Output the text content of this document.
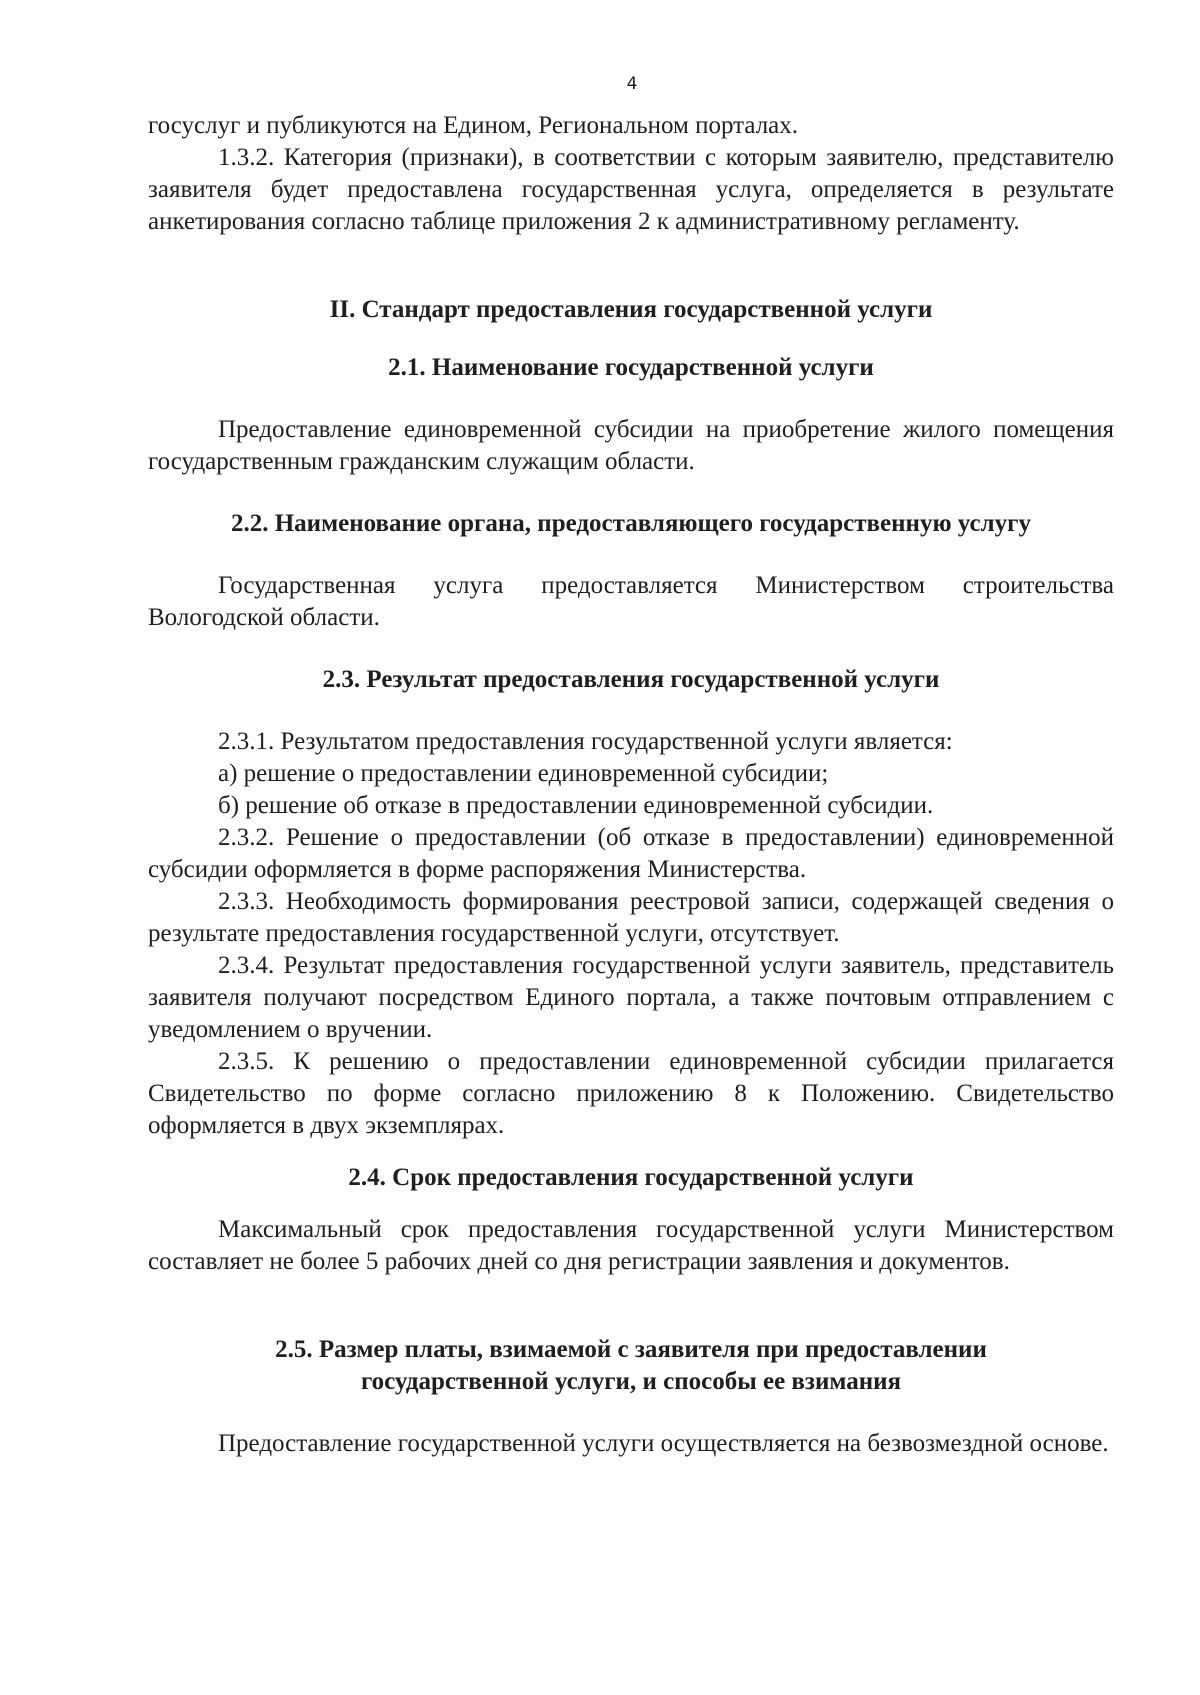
4

госуслуг и публикуются на Едином, Региональном порталах.

1.3.2. Категория (признаки), в соответствии с которым заявителю, представителю заявителя будет предоставлена государственная услуга, определяется в результате анкетирования согласно таблице приложения 2 к административному регламенту.

II. Стандарт предоставления государственной услуги
2.1. Наименование государственной услуги

Предоставление единовременной субсидии на приобретение жилого помещения государственным гражданским служащим области.

2.2. Наименование органа, предоставляющего государственную услугу

Государственная услуга предоставляется Министерством строительства Вологодской области.

2.3. Результат предоставления государственной услуги

2.3.1. Результатом предоставления государственной услуги является:

а) решение о предоставлении единовременной субсидии;

б) решение об отказе в предоставлении единовременной субсидии.

2.3.2. Решение о предоставлении (об отказе в предоставлении) единовременной субсидии оформляется в форме распоряжения Министерства.

2.3.3. Необходимость формирования реестровой записи, содержащей сведения о результате предоставления государственной услуги, отсутствует.

2.3.4. Результат предоставления государственной услуги заявитель, представитель заявителя получают посредством Единого портала, а также почтовым отправлением с уведомлением о вручении.

2.3.5. К решению о предоставлении единовременной субсидии прилагается Свидетельство по форме согласно приложению 8 к Положению. Свидетельство оформляется в двух экземплярах.

2.4. Срок предоставления государственной услуги

Максимальный срок предоставления государственной услуги Министерством составляет не более 5 рабочих дней со дня регистрации заявления и документов.

2.5. Размер платы, взимаемой с заявителя при предоставлении
государственной услуги, и способы ее взимания

Предоставление государственной услуги осуществляется на безвозмездной основе.
